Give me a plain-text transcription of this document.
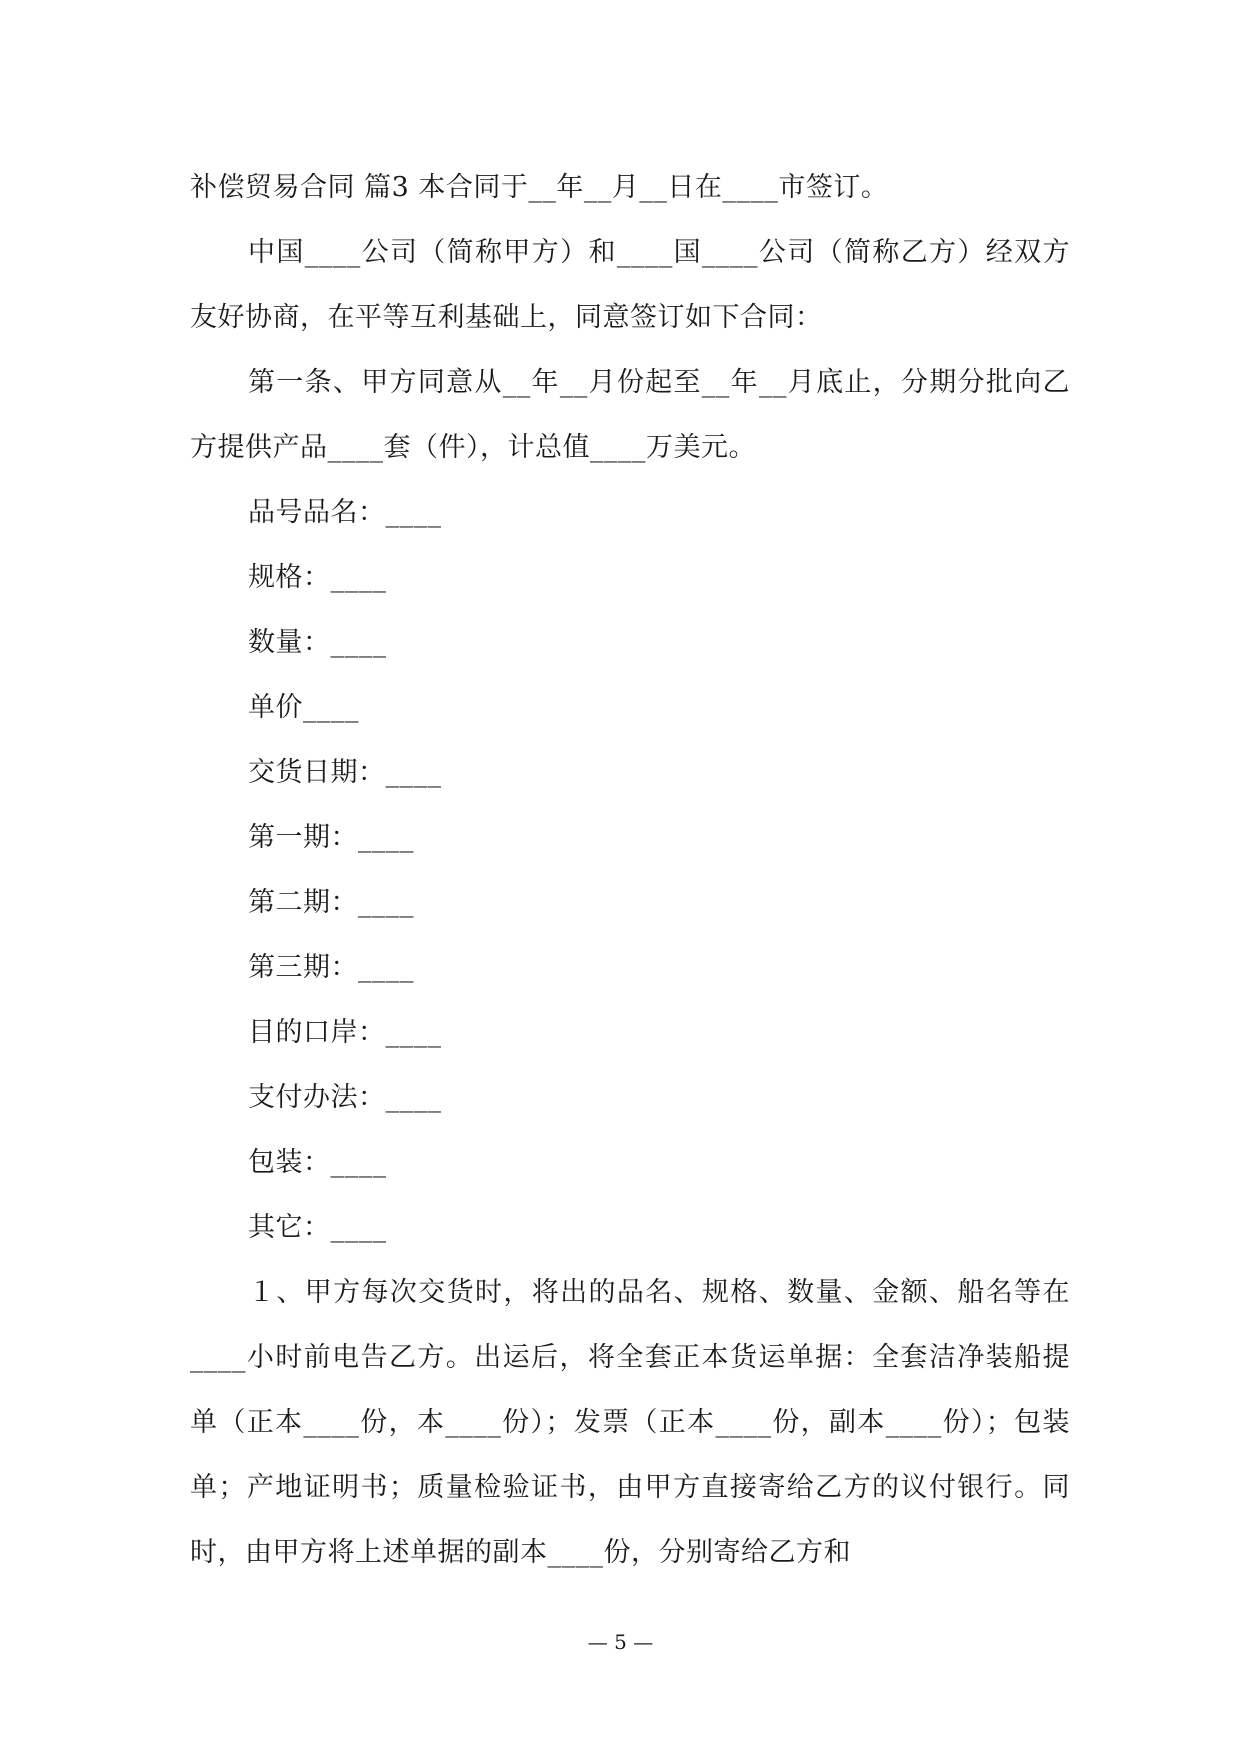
补偿贸易合同 篇3 本合同于__年__月__日在____市签订。

中国____公司（简称甲方）和____国____公司（简称乙方）经双方友好协商，在平等互利基础上，同意签订如下合同：

第一条、甲方同意从__年__月份起至__年__月底止，分期分批向乙方提供产品____套（件），计总值____万美元。

品号品名：____

规格：____

数量：____

单价____

交货日期：____

第一期：____

第二期：____

第三期：____

目的口岸：____

支付办法：____

包装：____

其它：____

１、甲方每次交货时，将出的品名、规格、数量、金额、船名等在____小时前电告乙方。出运后，将全套正本货运单据：全套洁净装船提单（正本____份，本____份）；发票（正本____份，副本____份）；包装单；产地证明书；质量检验证书，由甲方直接寄给乙方的议付银行。同时，由甲方将上述单据的副本____份，分别寄给乙方和

— 5 —
